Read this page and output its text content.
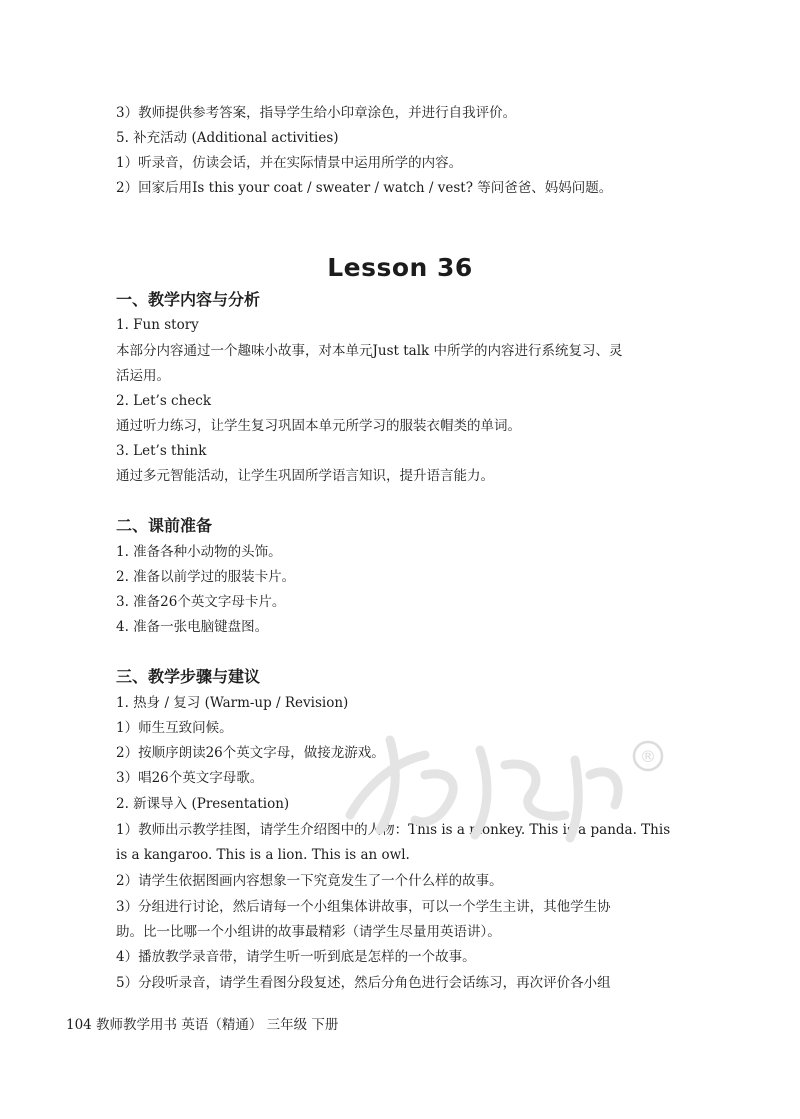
3）教师提供参考答案，指导学生给小印章涂色，并进行自我评价。
5. 补充活动 (Additional activities)
1）听录音，仿读会话，并在实际情景中运用所学的内容。
2）回家后用Is this your coat / sweater / watch / vest? 等问爸爸、妈妈问题。
Lesson 36
一、教学内容与分析
1. Fun story
本部分内容通过一个趣味小故事，对本单元Just talk 中所学的内容进行系统复习、灵
活运用。
2. Let’s check
通过听力练习，让学生复习巩固本单元所学习的服装衣帽类的单词。
3. Let’s think
通过多元智能活动，让学生巩固所学语言知识，提升语言能力。
二、课前准备
1. 准备各种小动物的头饰。
2. 准备以前学过的服装卡片。
3. 准备26个英文字母卡片。
4. 准备一张电脑键盘图。
三、教学步骤与建议
1. 热身 / 复习 (Warm-up / Revision)
1）师生互致问候。
2）按顺序朗读26个英文字母，做接龙游戏。
3）唱26个英文字母歌。
2. 新课导入 (Presentation)
1）教师出示教学挂图，请学生介绍图中的人物：This is a monkey. This is a panda. This
is a kangaroo. This is a lion. This is an owl.
2）请学生依据图画内容想象一下究竟发生了一个什么样的故事。
3）分组进行讨论，然后请每一个小组集体讲故事，可以一个学生主讲，其他学生协
助。比一比哪一个小组讲的故事最精彩（请学生尽量用英语讲）。
4）播放教学录音带，请学生听一听到底是怎样的一个故事。
5）分段听录音，请学生看图分段复述，然后分角色进行会话练习，再次评价各小组
®
104 教师教学用书 英语（精通） 三年级 下册
